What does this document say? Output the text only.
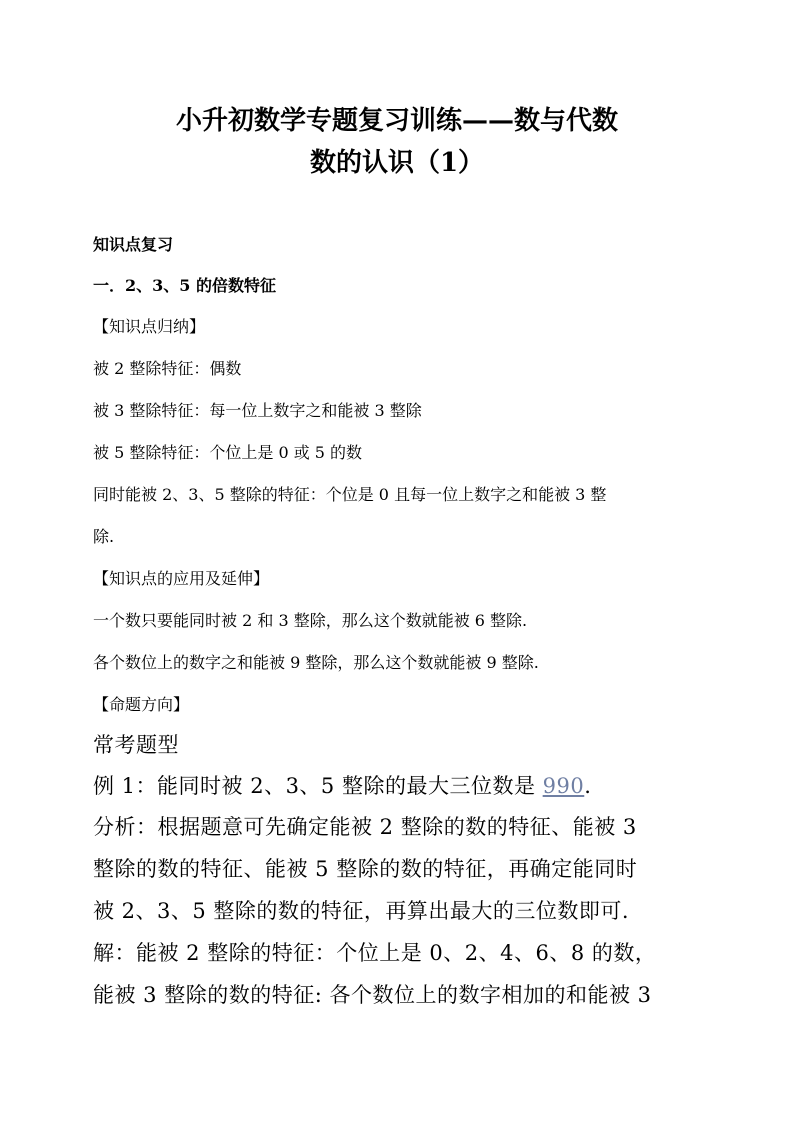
小升初数学专题复习训练——数与代数
数的认识（1）
知识点复习
一．2、3、5 的倍数特征
【知识点归纳】
被 2 整除特征：偶数
被 3 整除特征：每一位上数字之和能被 3 整除
被 5 整除特征：个位上是 0 或 5 的数
同时能被 2、3、5 整除的特征：个位是 0 且每一位上数字之和能被 3 整
除.
【知识点的应用及延伸】
一个数只要能同时被 2 和 3 整除，那么这个数就能被 6 整除.
各个数位上的数字之和能被 9 整除，那么这个数就能被 9 整除.
【命题方向】
常考题型
例 1：能同时被 2、3、5 整除的最大三位数是 990.
分析：根据题意可先确定能被 2 整除的数的特征、能被 3
整除的数的特征、能被 5 整除的数的特征，再确定能同时
被 2、3、5 整除的数的特征，再算出最大的三位数即可.
解：能被 2 整除的特征：个位上是 0、2、4、6、8 的数，
能被 3 整除的数的特征: 各个数位上的数字相加的和能被 3
